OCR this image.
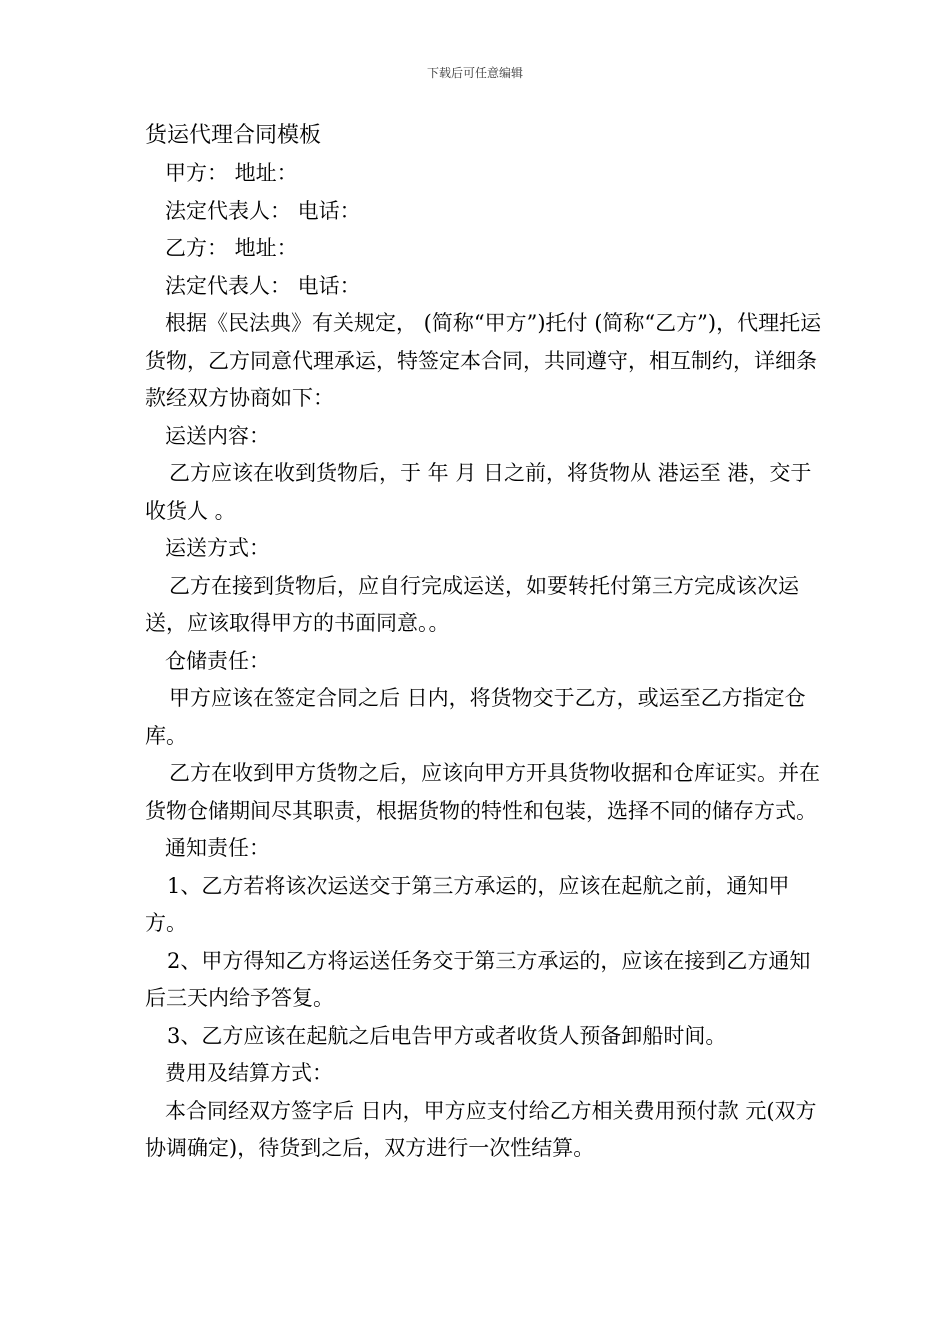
下载后可任意编辑
货运代理合同模板

甲方： 地址：

法定代表人： 电话：

乙方： 地址：

法定代表人： 电话：

根据《民法典》有关规定， (简称“甲方”)托付 (简称“乙方”)，代理托运 货物，乙方同意代理承运，特签定本合同，共同遵守，相互制约，详细条款经双方协商如下：

运送内容：

乙方应该在收到货物后，于 年 月 日之前，将货物从 港运至 港，交于收货人 。

运送方式：

乙方在接到货物后，应自行完成运送，如要转托付第三方完成该次运送，应该取得甲方的书面同意。。

仓储责任：

甲方应该在签定合同之后 日内，将货物交于乙方，或运至乙方指定仓库。

乙方在收到甲方货物之后，应该向甲方开具货物收据和仓库证实。并在货物仓储期间尽其职责，根据货物的特性和包装，选择不同的储存方式。

通知责任：

1、乙方若将该次运送交于第三方承运的，应该在起航之前，通知甲方。

2、甲方得知乙方将运送任务交于第三方承运的，应该在接到乙方通知后三天内给予答复。

3、乙方应该在起航之后电告甲方或者收货人预备卸船时间。

费用及结算方式：

本合同经双方签字后 日内，甲方应支付给乙方相关费用预付款 元(双方协调确定)，待货到之后，双方进行一次性结算。
